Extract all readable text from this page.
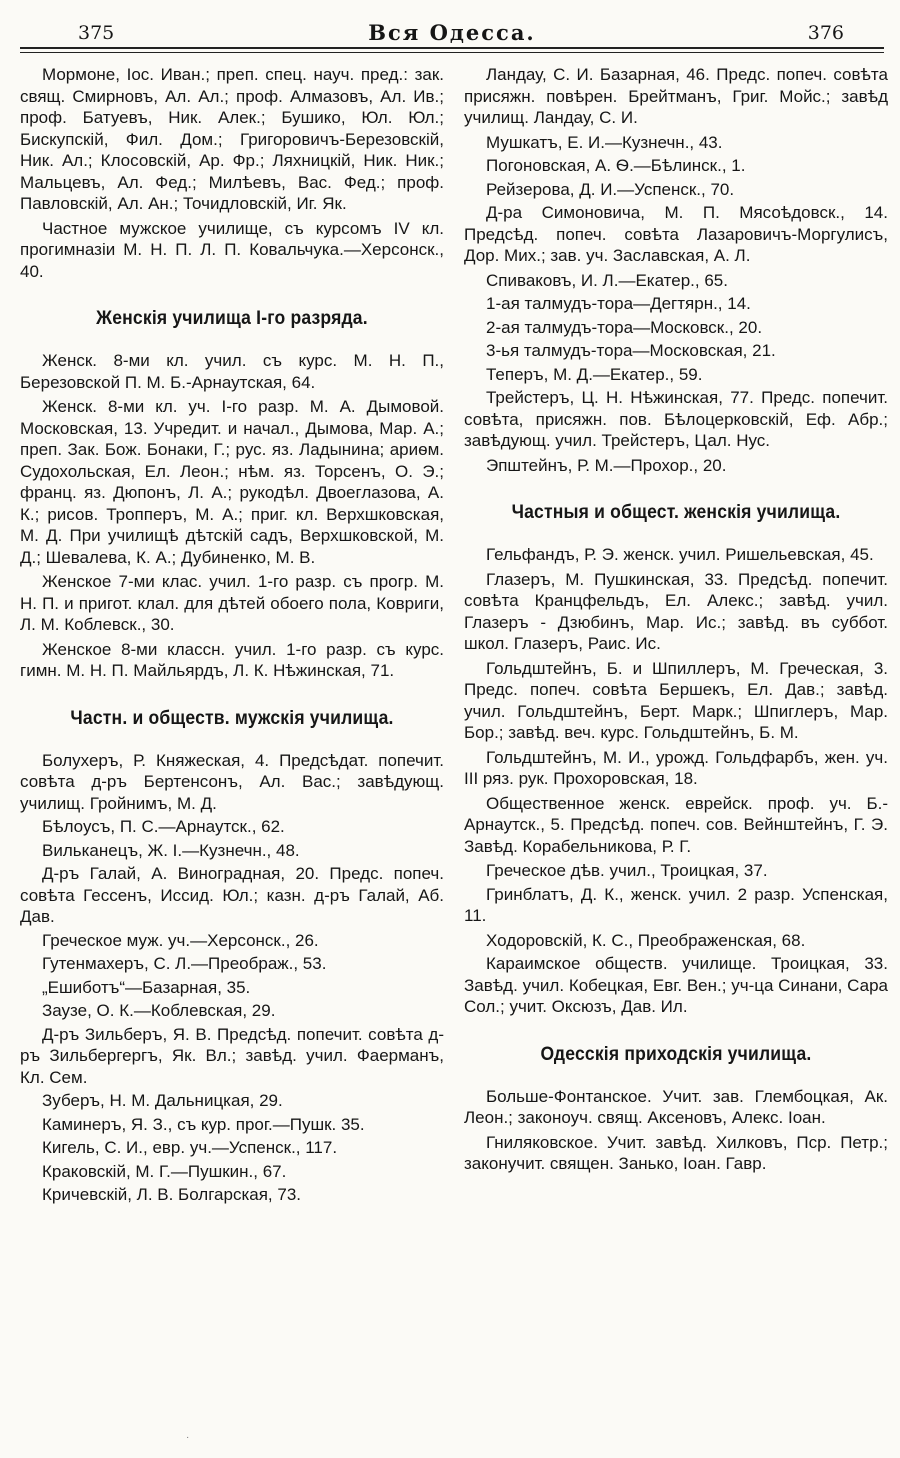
375	Вся Одесса.	376

Мормоне, Іос. Иван.; преп. спец. науч. пред.: зак. свящ. Смирновъ, Ал. Ал.; проф. Алмазовъ, Ал. Ив.; проф. Батуевъ, Ник. Алек.; Бушико, Юл. Юл.; Бискупскій, Фил. Дом.; Григоровичъ-Березовскій, Ник. Ал.; Клосовскій, Ар. Фр.; Ляхницкій, Ник. Ник.; Мальцевъ, Ал. Фед.; Милѣевъ, Вас. Фед.; проф. Павловскій, Ал. Ан.; Точидловскій, Иг. Як.

Частное мужское училище, съ курсомъ IV кл. прогимназіи М. Н. П. Л. П. Ковальчука.—Херсонск., 40.

Женскія училища I-го разряда.

Женск. 8-ми кл. учил. съ курс. М. Н. П., Березовской П. М. Б.-Арнаутская, 64.

Женск. 8-ми кл. уч. I-го разр. М. А. Дымовой. Московская, 13. Учредит. и начал., Дымова, Мар. А.; преп. Зак. Бож. Бонаки, Г.; рус. яз. Ладынина; ариѳм. Судохольская, Ел. Леон.; нѣм. яз. Торсенъ, О. Э.; франц. яз. Дюпонъ, Л. А.; рукодѣл. Двоеглазова, А. К.; рисов. Тропперъ, М. А.; приг. кл. Верхшковская, М. Д. При училищѣ дѣтскій садъ, Верхшковской, М. Д.; Шевалева, К. А.; Дубиненко, М. В.

Женское 7-ми клас. учил. 1-го разр. съ прогр. М. Н. П. и пригот. клал. для дѣтей обоего пола, Ковриги, Л. М. Коблевск., 30.

Женское 8-ми классн. учил. 1-го разр. съ курс. гимн. М. Н. П. Майльярдъ, Л. К. Нѣжинская, 71.

Частн. и обществ. мужскія училища.

Болухеръ, Р. Княжеская, 4. Предсѣдат. попечит. совѣта д-ръ Бертенсонъ, Ал. Вас.; завѣдующ. училищ. Гройнимъ, М. Д.

Бѣлоусъ, П. С.—Арнаутск., 62.

Вильканецъ, Ж. I.—Кузнечн., 48.

Д-ръ Галай, А. Виноградная, 20. Предс. попеч. совѣта Гессенъ, Иссид. Юл.; казн. д-ръ Галай, Аб. Дав.

Греческое муж. уч.—Херсонск., 26.

Гутенмахеръ, С. Л.—Преображ., 53.

„Ешиботъ“—Базарная, 35.

Заузе, О. К.—Коблевская, 29.

Д-ръ Зильберъ, Я. В. Предсѣд. попечит. совѣта д-ръ Зильбергергъ, Як. Вл.; завѣд. учил. Фаерманъ, Кл. Сем.

Зуберъ, Н. М. Дальницкая, 29.

Каминеръ, Я. З., съ кур. прог.—Пушк. 35.

Кигель, С. И., евр. уч.—Успенск., 117.

Краковскій, М. Г.—Пушкин., 67.

Кричевскій, Л. В. Болгарская, 73.

Ландау, С. И. Базарная, 46. Предс. попеч. совѣта присяжн. повѣрен. Брейтманъ, Григ. Мойс.; завѣд училищ. Ландау, С. И.

Мушкатъ, Е. И.—Кузнечн., 43.

Погоновская, А. Ѳ.—Бѣлинск., 1.

Рейзерова, Д. И.—Успенск., 70.

Д-ра Симоновича, М. П. Мясоѣдовск., 14. Предсѣд. попеч. совѣта Лазаровичъ-Моргулисъ, Дор. Мих.; зав. уч. Заславская, А. Л.

Спиваковъ, И. Л.—Екатер., 65.

1-ая талмудъ-тора—Дегтярн., 14.

2-ая талмудъ-тора—Московск., 20.

3-ья талмудъ-тора—Московская, 21.

Теперъ, М. Д.—Екатер., 59.

Трейстеръ, Ц. Н. Нѣжинская, 77. Предс. попечит. совѣта, присяжн. пов. Бѣлоцерковскій, Еф. Абр.; завѣдующ. учил. Трейстеръ, Цал. Нус.

Эпштейнъ, Р. М.—Прохор., 20.

Частныя и общест. женскія училища.

Гельфандъ, Р. Э. женск. учил. Ришельевская, 45.

Глазеръ, М. Пушкинская, 33. Предсѣд. попечит. совѣта Кранцфельдъ, Ел. Алекс.; завѣд. учил. Глазеръ - Дзюбинъ, Мар. Ис.; завѣд. въ суббот. школ. Глазеръ, Раис. Ис.

Гольдштейнъ, Б. и Шпиллеръ, М. Греческая, 3. Предс. попеч. совѣта Бершекъ, Ел. Дав.; завѣд. учил. Гольдштейнъ, Берт. Марк.; Шпиглеръ, Мар. Бор.; завѣд. веч. курс. Гольдштейнъ, Б. М.

Гольдштейнъ, М. И., урожд. Гольдфарбъ, жен. уч. III ряз. рук. Прохоровская, 18.

Общественное женск. еврейск. проф. уч. Б.-Арнаутск., 5. Предсѣд. попеч. сов. Вейнштейнъ, Г. Э. Завѣд. Корабельникова, Р. Г.

Греческое дѣв. учил., Троицкая, 37.

Гринблатъ, Д. К., женск. учил. 2 разр. Успенская, 11.

Ходоровскій, К. С., Преображенская, 68.

Караимское обществ. училище. Троицкая, 33. Завѣд. учил. Кобецкая, Евг. Вен.; уч-ца Синани, Сара Сол.; учит. Оксюзъ, Дав. Ил.

Одесскія приходскія училища.

Больше-Фонтанское. Учит. зав. Глембоцкая, Ак. Леон.; законоуч. свящ. Аксеновъ, Алекс. Іоан.

Гниляковское. Учит. завѣд. Хилковъ, Пср. Петр.; законучит. священ. Занько, Іоан. Гавр.

·
